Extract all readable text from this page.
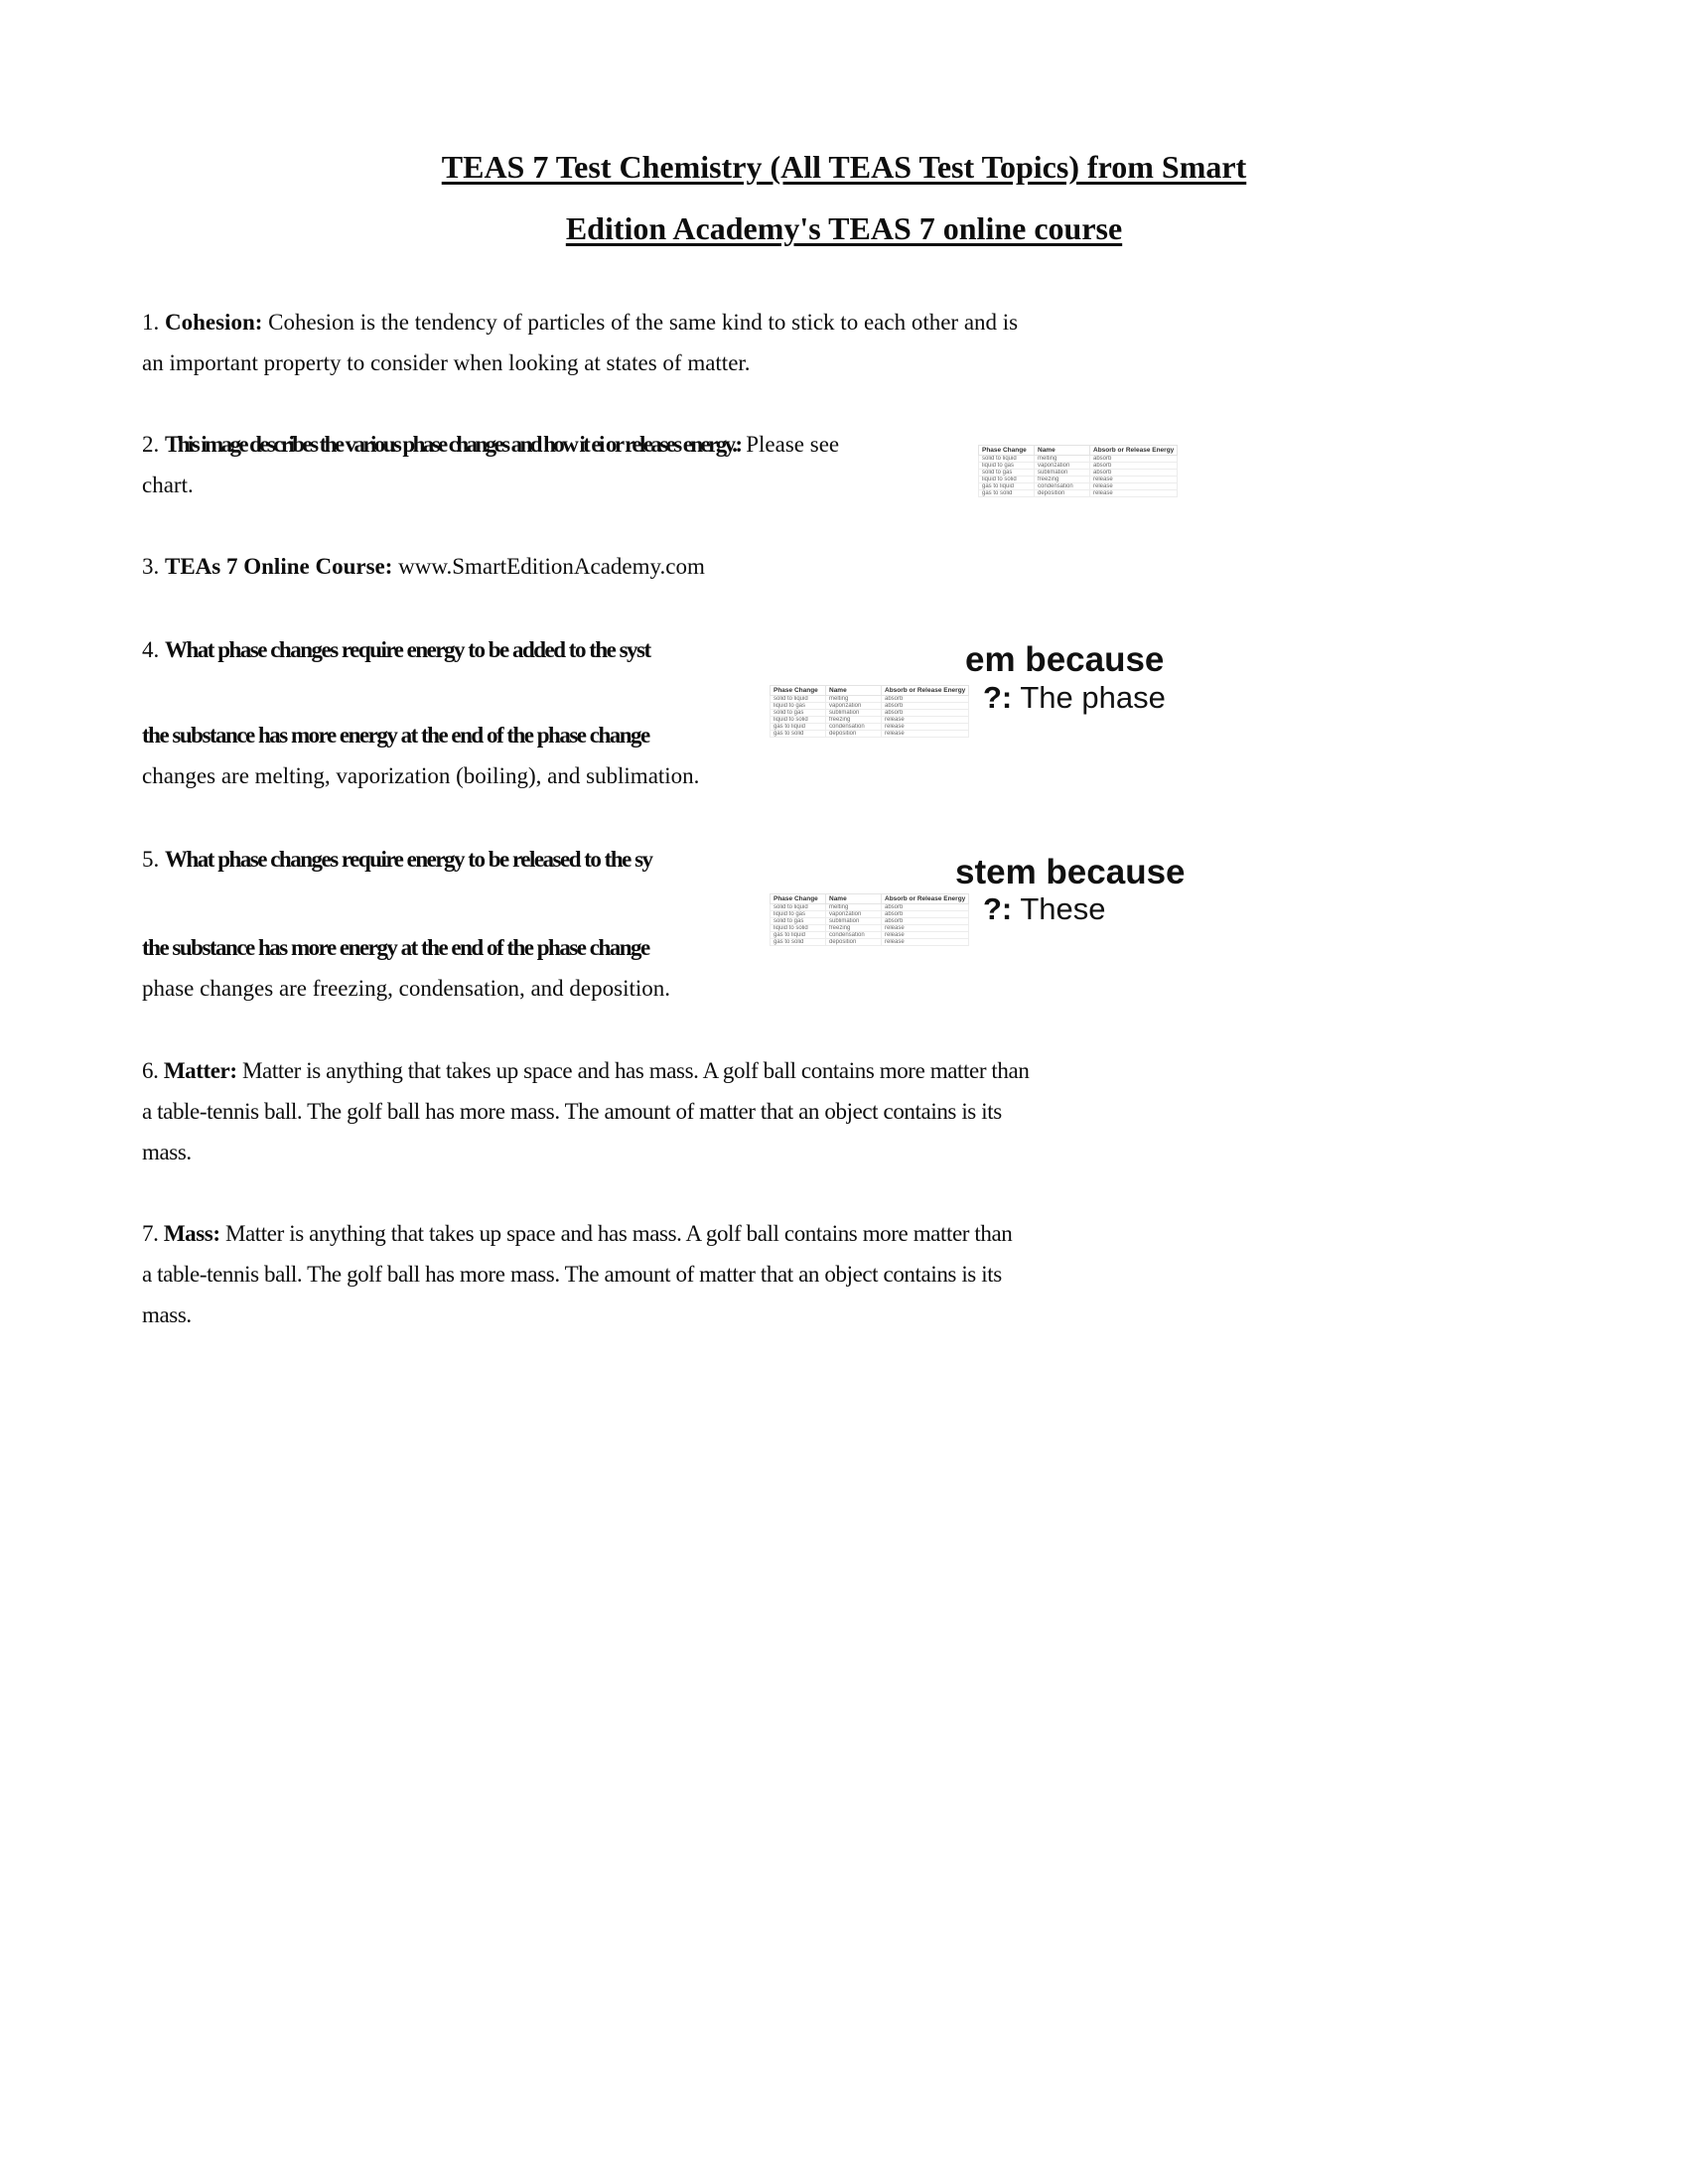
TEAS 7 Test Chemistry (All TEAS Test Topics) from Smart
Edition Academy's TEAS 7 online course
1. Cohesion: Cohesion is the tendency of particles of the same kind to stick to each other and is
an important property to consider when looking at states of matter.
2. This image describes the various phase changes and how it ei or releases energy.: Please see
chart.
Phase Change	Name	Absorb or Release Energy
solid to liquid	melting	absorb
liquid to gas	vaporization	absorb
solid to gas	sublimation	absorb
liquid to solid	freezing	release
gas to liquid	condensation	release
gas to solid	deposition	release
3. TEAs 7 Online Course: www.SmartEditionAcademy.com
4. What phase changes require energy to be added to the syst	em because
?: The phase
Phase Change	Name	Absorb or Release Energy
solid to liquid	melting	absorb
liquid to gas	vaporization	absorb
solid to gas	sublimation	absorb
liquid to solid	freezing	release
gas to liquid	condensation	release
gas to solid	deposition	release
the substance has more energy at the end of the phase change
changes are melting, vaporization (boiling), and sublimation.
5. What phase changes require energy to be released to the sy	stem because
?: These
Phase Change	Name	Absorb or Release Energy
solid to liquid	melting	absorb
liquid to gas	vaporization	absorb
solid to gas	sublimation	absorb
liquid to solid	freezing	release
gas to liquid	condensation	release
gas to solid	deposition	release
the substance has more energy at the end of the phase change
phase changes are freezing, condensation, and deposition.
6. Matter: Matter is anything that takes up space and has mass. A golf ball contains more matter than
a table-tennis ball. The golf ball has more mass. The amount of matter that an object contains is its
mass.
7. Mass: Matter is anything that takes up space and has mass. A golf ball contains more matter than
a table-tennis ball. The golf ball has more mass. The amount of matter that an object contains is its
mass.
